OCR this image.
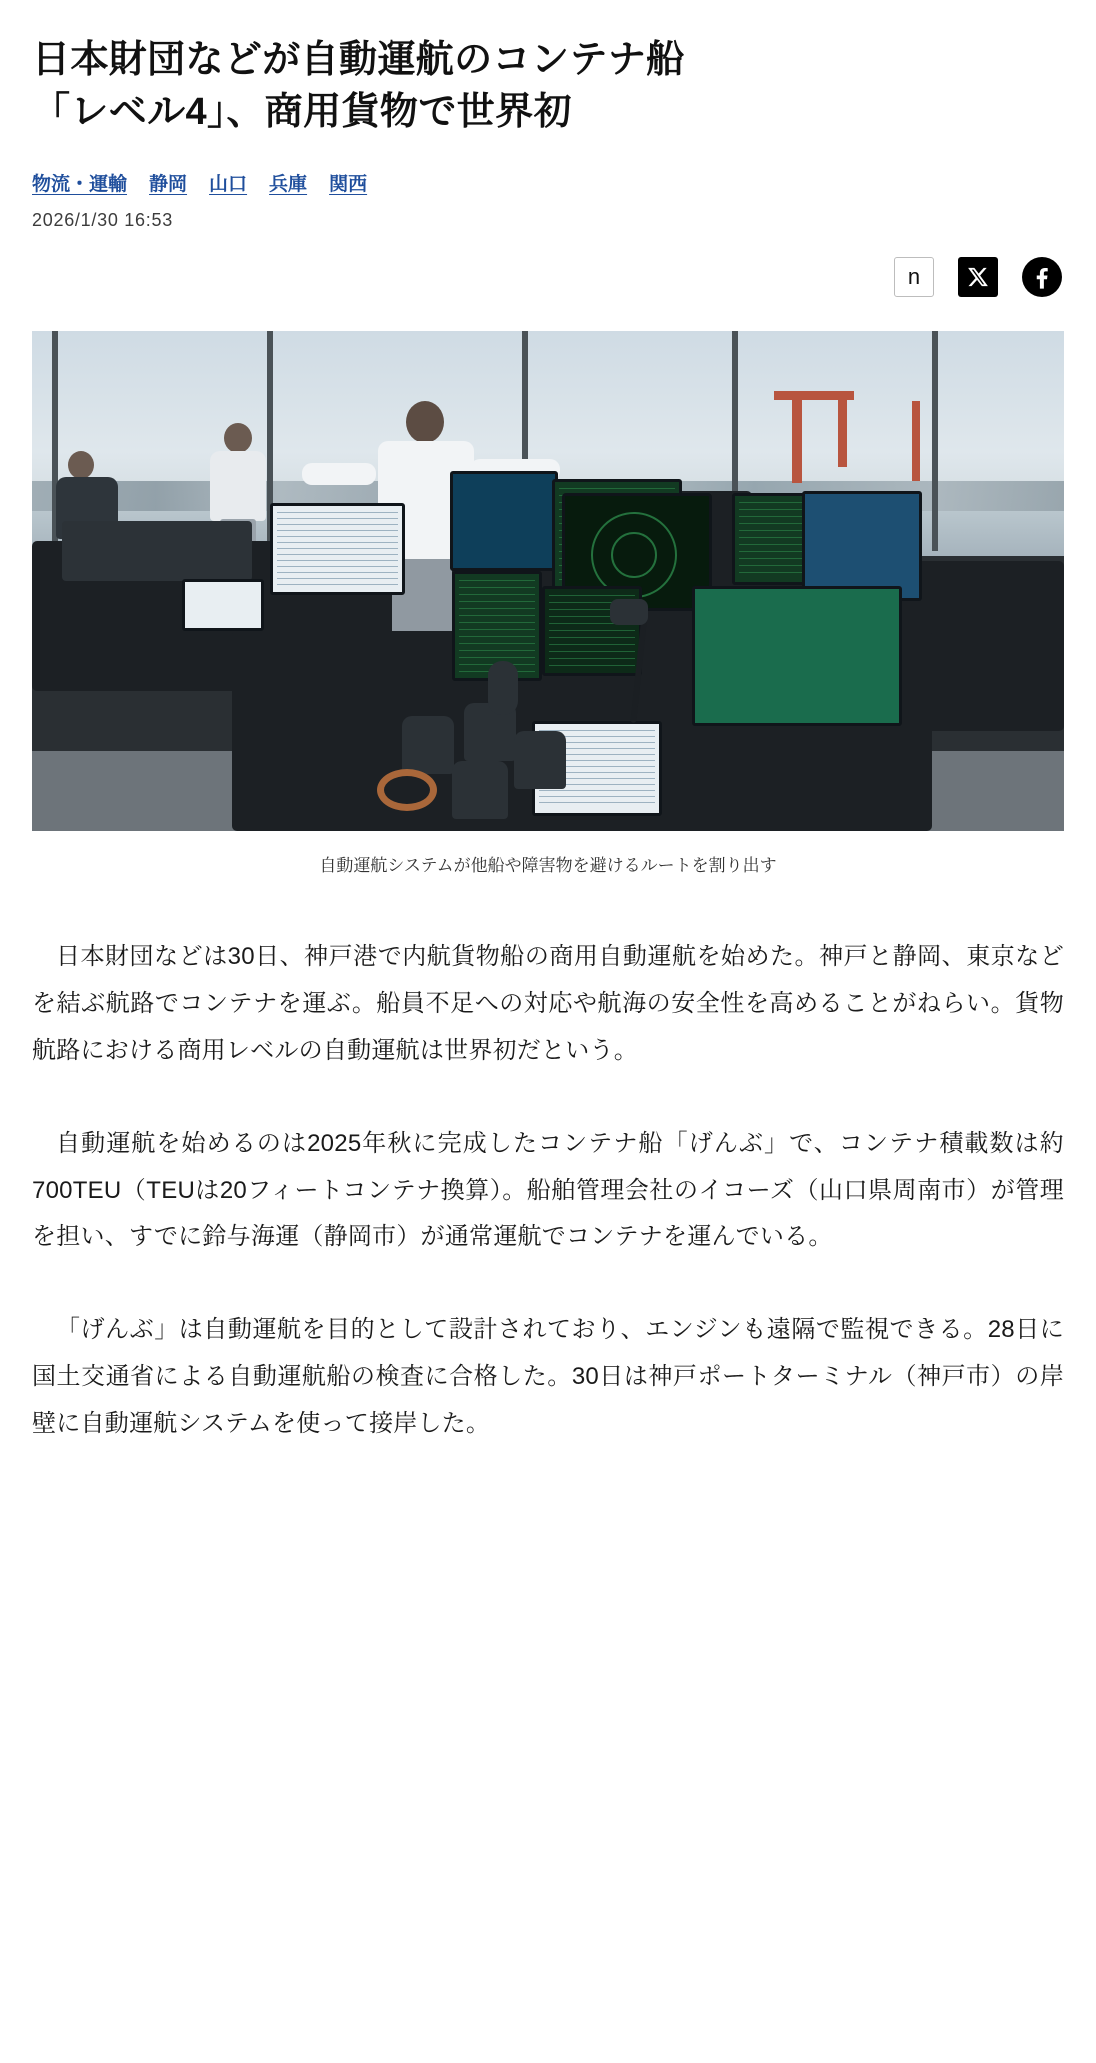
日本財団などが自動運航のコンテナ船
「レベル4」、商用貨物で世界初
物流・運輸 静岡 山口 兵庫 関西
2026/1/30 16:53
n
自動運航システムが他船や障害物を避けるルートを割り出す

日本財団などは30日、神戸港で内航貨物船の商用自動運航を始めた。神戸と静岡、東京などを結ぶ航路でコンテナを運ぶ。船員不足への対応や航海の安全性を高めることがねらい。貨物航路における商用レベルの自動運航は世界初だという。

自動運航を始めるのは2025年秋に完成したコンテナ船「げんぶ」で、コンテナ積載数は約700TEU（TEUは20フィートコンテナ換算）。船舶管理会社のイコーズ（山口県周南市）が管理を担い、すでに鈴与海運（静岡市）が通常運航でコンテナを運んでいる。

「げんぶ」は自動運航を目的として設計されており、エンジンも遠隔で監視できる。28日に国土交通省による自動運航船の検査に合格した。30日は神戸ポートターミナル（神戸市）の岸壁に自動運航システムを使って接岸した。
